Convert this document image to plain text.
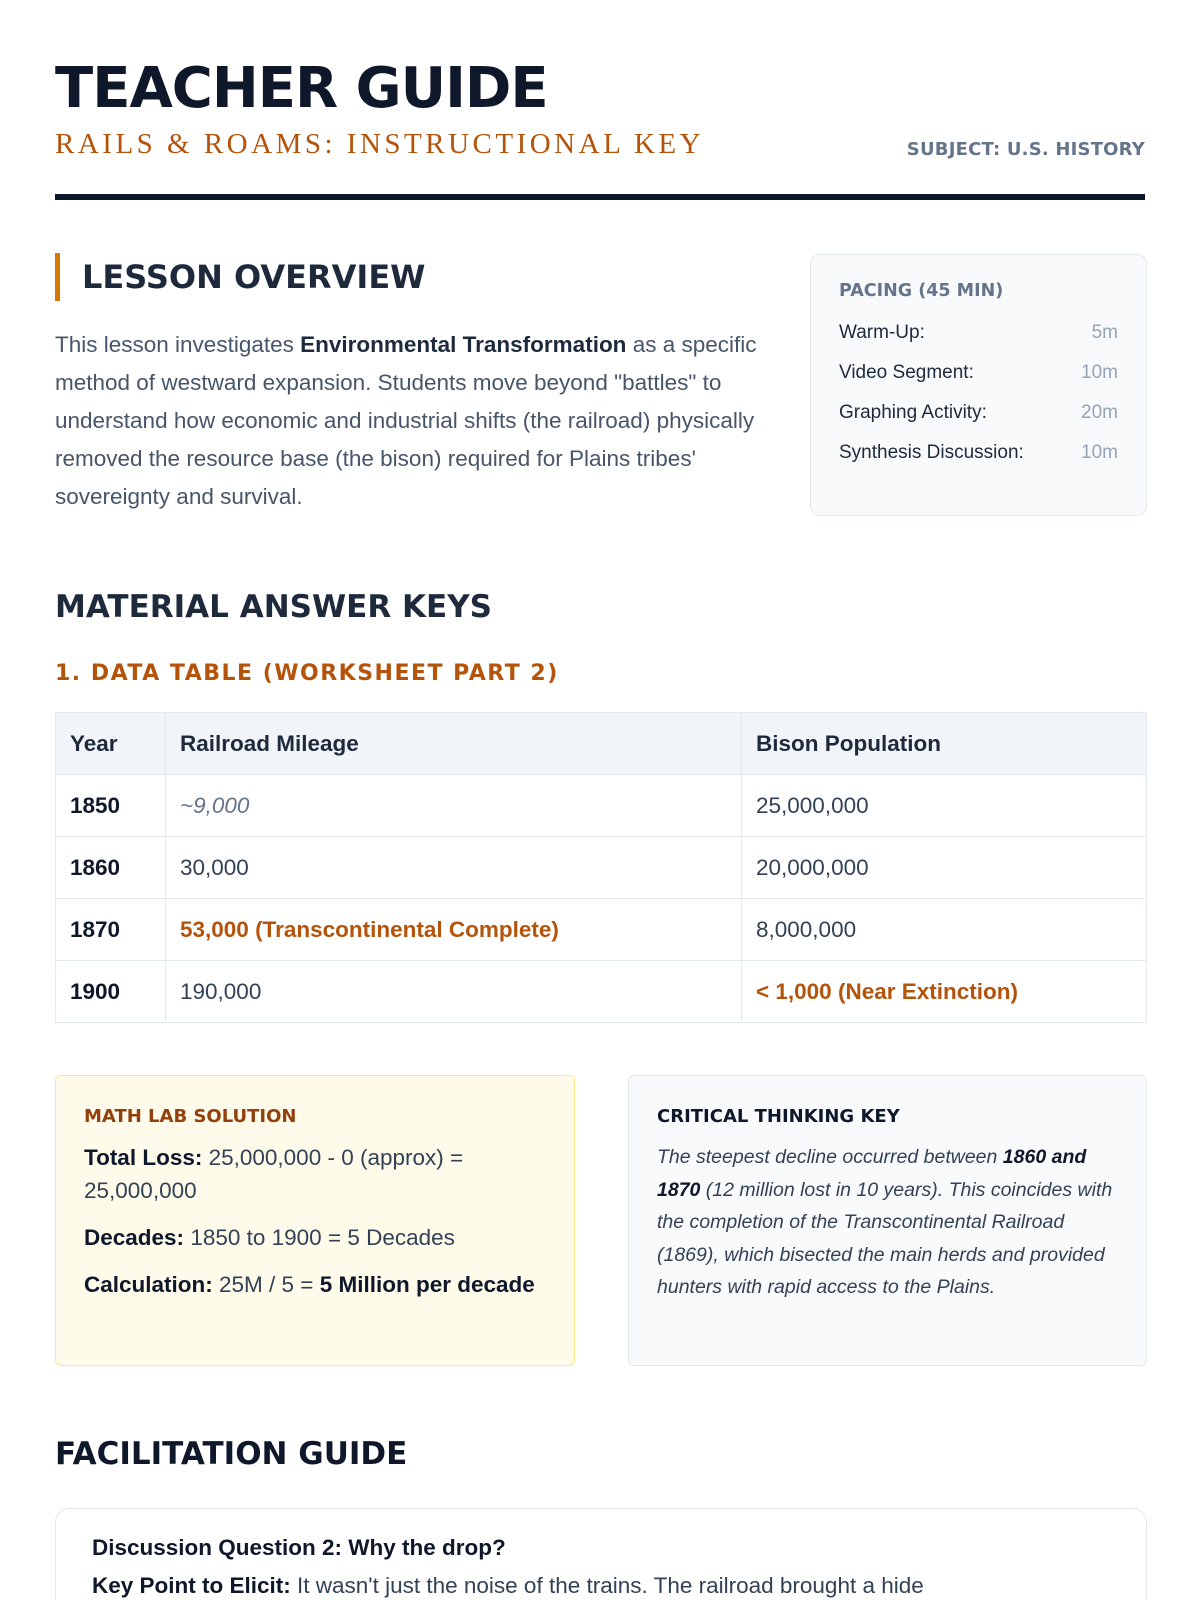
TEACHER GUIDE
RAILS & ROAMS: INSTRUCTIONAL KEY	SUBJECT: U.S. HISTORY
LESSON OVERVIEW

This lesson investigates Environmental Transformation as a specific method of westward expansion. Students move beyond "battles" to understand how economic and industrial shifts (the railroad) physically removed the resource base (the bison) required for Plains tribes' sovereignty and survival.

PACING (45 MIN)
Warm-Up:	5m
Video Segment:	10m
Graphing Activity:	20m
Synthesis Discussion:	10m
MATERIAL ANSWER KEYS
1. DATA TABLE (WORKSHEET PART 2)
Year	Railroad Mileage	Bison Population
1850	~9,000	25,000,000
1860	30,000	20,000,000
1870	53,000 (Transcontinental Complete)	8,000,000
1900	190,000	< 1,000 (Near Extinction)
MATH LAB SOLUTION

Total Loss: 25,000,000 - 0 (approx) = 25,000,000

Decades: 1850 to 1900 = 5 Decades

Calculation: 25M / 5 = 5 Million per decade

CRITICAL THINKING KEY

The steepest decline occurred between 1860 and 1870 (12 million lost in 10 years). This coincides with the completion of the Transcontinental Railroad (1869), which bisected the main herds and provided hunters with rapid access to the Plains.

FACILITATION GUIDE
Discussion Question 2: Why the drop?
Key Point to Elicit: It wasn't just the noise of the trains. The railroad brought a hide
